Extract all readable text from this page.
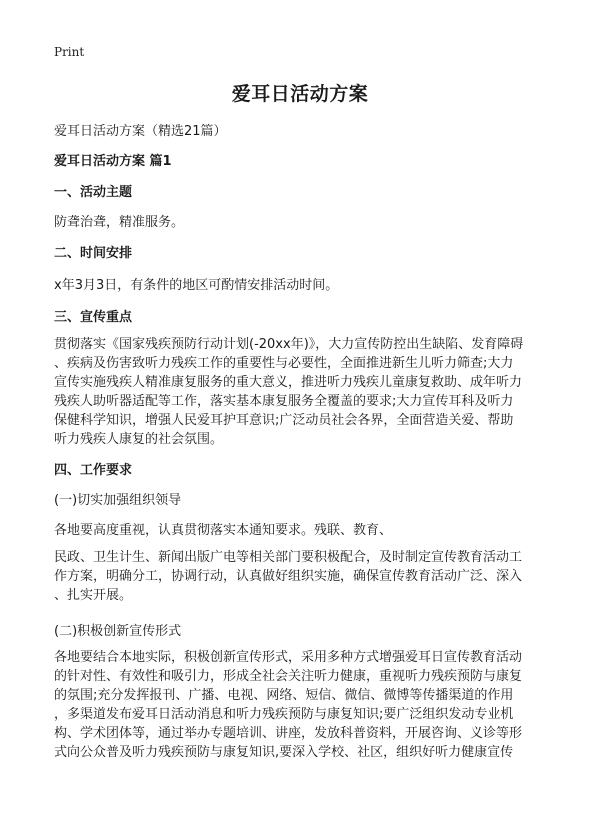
Print
爱耳日活动方案
爱耳日活动方案（精选21篇）
爱耳日活动方案 篇1
一、活动主题
防聋治聋，精准服务。
二、时间安排
x年3月3日，有条件的地区可酌情安排活动时间。
三、宣传重点
贯彻落实《国家残疾预防行动计划(-20xx年)》，大力宣传防控出生缺陷、发育障碍
、疾病及伤害致听力残疾工作的重要性与必要性，全面推进新生儿听力筛查;大力
宣传实施残疾人精准康复服务的重大意义，推进听力残疾儿童康复救助、成年听力
残疾人助听器适配等工作，落实基本康复服务全覆盖的要求;大力宣传耳科及听力
保健科学知识，增强人民爱耳护耳意识;广泛动员社会各界，全面营造关爱、帮助
听力残疾人康复的社会氛围。
四、工作要求
(一)切实加强组织领导
各地要高度重视，认真贯彻落实本通知要求。残联、教育、
民政、卫生计生、新闻出版广电等相关部门要积极配合，及时制定宣传教育活动工
作方案，明确分工，协调行动，认真做好组织实施，确保宣传教育活动广泛、深入
、扎实开展。
(二)积极创新宣传形式
各地要结合本地实际，积极创新宣传形式，采用多种方式增强爱耳日宣传教育活动
的针对性、有效性和吸引力，形成全社会关注听力健康，重视听力残疾预防与康复
的氛围;充分发挥报刊、广播、电视、网络、短信、微信、微博等传播渠道的作用
，多渠道发布爱耳日活动消息和听力残疾预防与康复知识;要广泛组织发动专业机
构、学术团体等，通过举办专题培训、讲座，发放科普资料，开展咨询、义诊等形
式向公众普及听力残疾预防与康复知识,要深入学校、社区，组织好听力健康宣传
